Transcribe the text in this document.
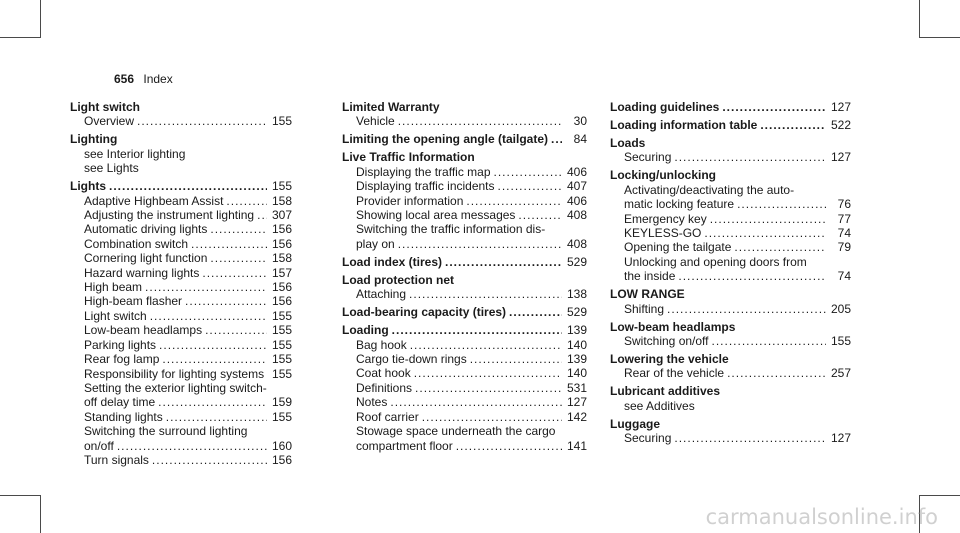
656 Index
Light switch
Overview .....	155
Lighting
see Interior lighting
see Lights
Lights .....	155
Adaptive Highbeam Assist .....	158
Adjusting the instrument lighting ..... 307
Automatic driving lights .....	156
Combination switch .....	156
Cornering light function .....	158
Hazard warning lights .....	157
High beam .....	156
High-beam flasher .....	156
Light switch .....	155
Low-beam headlamps .....	155
Parking lights .....	155
Rear fog lamp .....	155
Responsibility for lighting systems 155
Setting the exterior lighting switch-
off delay time .....	159
Standing lights .....	155
Switching the surround lighting
on/off .....	160
Turn signals .....	156
Limited Warranty
Vehicle .....	30
Limiting the opening angle (tailgate) .....	84
Live Traffic Information
Displaying the traffic map .....	406
Displaying traffic incidents .....	407
Provider information .....	406
Showing local area messages .....	408
Switching the traffic information dis-
play on .....	408
Load index (tires) .....	529
Load protection net
Attaching .....	138
Load-bearing capacity (tires) .....	529
Loading .....	139
Bag hook .....	140
Cargo tie-down rings .....	139
Coat hook .....	140
Definitions .....	531
Notes .....	127
Roof carrier .....	142
Stowage space underneath the cargo
compartment floor .....	141
Loading guidelines .....	127
Loading information table .....	522
Loads
Securing .....	127
Locking/unlocking
Activating/deactivating the auto-
matic locking feature .....	76
Emergency key .....	77
KEYLESS-GO .....	74
Opening the tailgate .....	79
Unlocking and opening doors from
the inside .....	74
LOW RANGE
Shifting .....	205
Low-beam headlamps
Switching on/off .....	155
Lowering the vehicle
Rear of the vehicle .....	257
Lubricant additives
see Additives
Luggage
Securing .....	127
carmanualsonline.info
